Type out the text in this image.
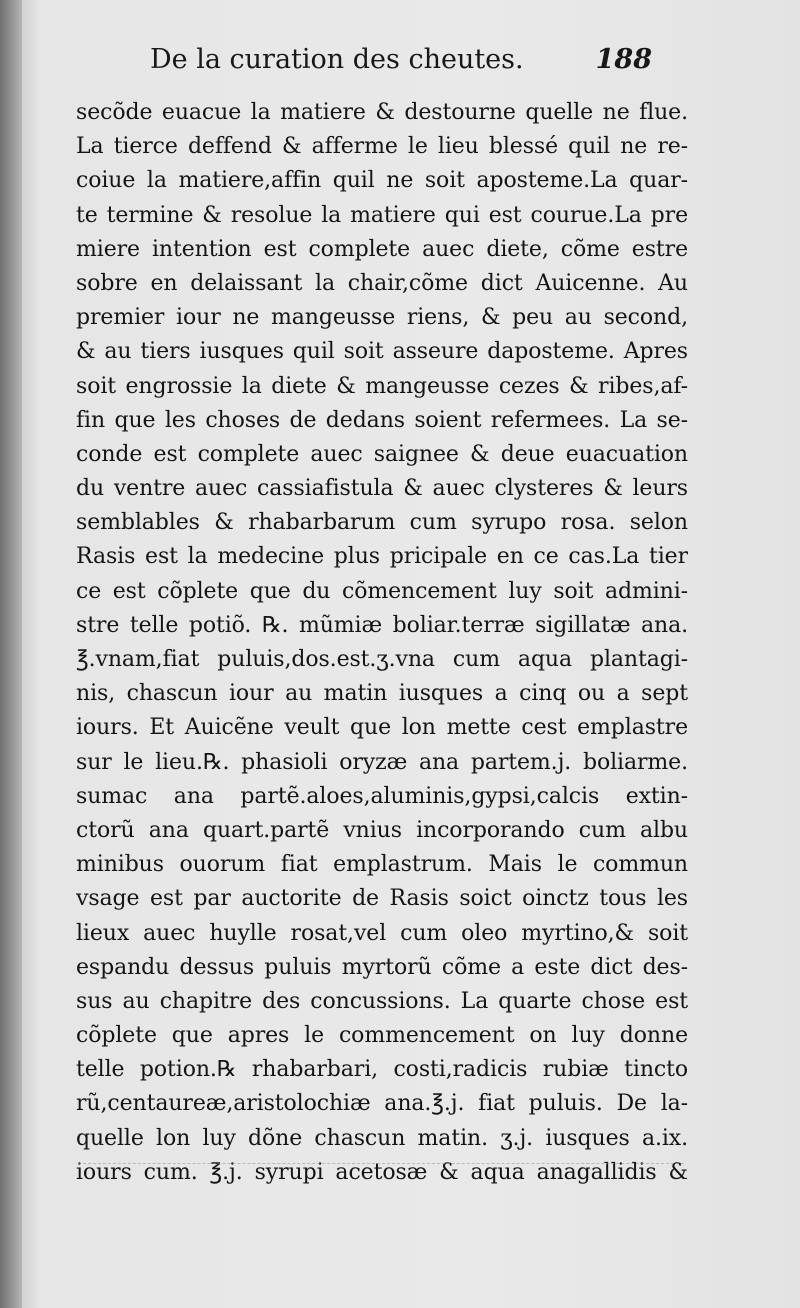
De la curation des cheutes.	188
secõde euacue la matiere & destourne quelle ne flue.
La tierce deffend & afferme le lieu blessé quil ne re-
coiue la matiere,affin quil ne soit aposteme.La quar-
te termine & resolue la matiere qui est courue.La pre
miere intention est complete auec diete, cõme estre
sobre en delaissant la chair,cõme dict Auicenne. Au
premier iour ne mangeusse riens, & peu au second,
& au tiers iusques quil soit asseure daposteme. Apres
soit engrossie la diete & mangeusse cezes & ribes,af-
fin que les choses de dedans soient refermees. La se-
conde est complete auec saignee & deue euacuation
du ventre auec cassiafistula & auec clysteres & leurs
semblables & rhabarbarum cum syrupo rosa. selon
Rasis est la medecine plus pricipale en ce cas.La tier
ce est cõplete que du cõmencement luy soit admini-
stre telle potiõ. ℞. mũmiæ boliar.terræ sigillatæ ana.
℥.vnam,fiat puluis,dos.est.ʒ.vna cum aqua plantagi-
nis, chascun iour au matin iusques a cinq ou a sept
iours. Et Auicẽne veult que lon mette cest emplastre
sur le lieu.℞. phasioli oryzæ ana partem.j. boliarme.
sumac ana partẽ.aloes,aluminis,gypsi,calcis extin-
ctorũ ana quart.partẽ vnius incorporando cum albu
minibus ouorum fiat emplastrum. Mais le commun
vsage est par auctorite de Rasis soict oinctz tous les
lieux auec huylle rosat,vel cum oleo myrtino,& soit
espandu dessus puluis myrtorũ cõme a este dict des-
sus au chapitre des concussions. La quarte chose est
cõplete que apres le commencement on luy donne
telle potion.℞ rhabarbari, costi,radicis rubiæ tincto
rũ,centaureæ,aristolochiæ ana.℥.j. fiat puluis. De la-
quelle lon luy dõne chascun matin. ʒ.j. iusques a.ix.
iours cum. ℥.j. syrupi acetosæ & aqua anagallidis &
